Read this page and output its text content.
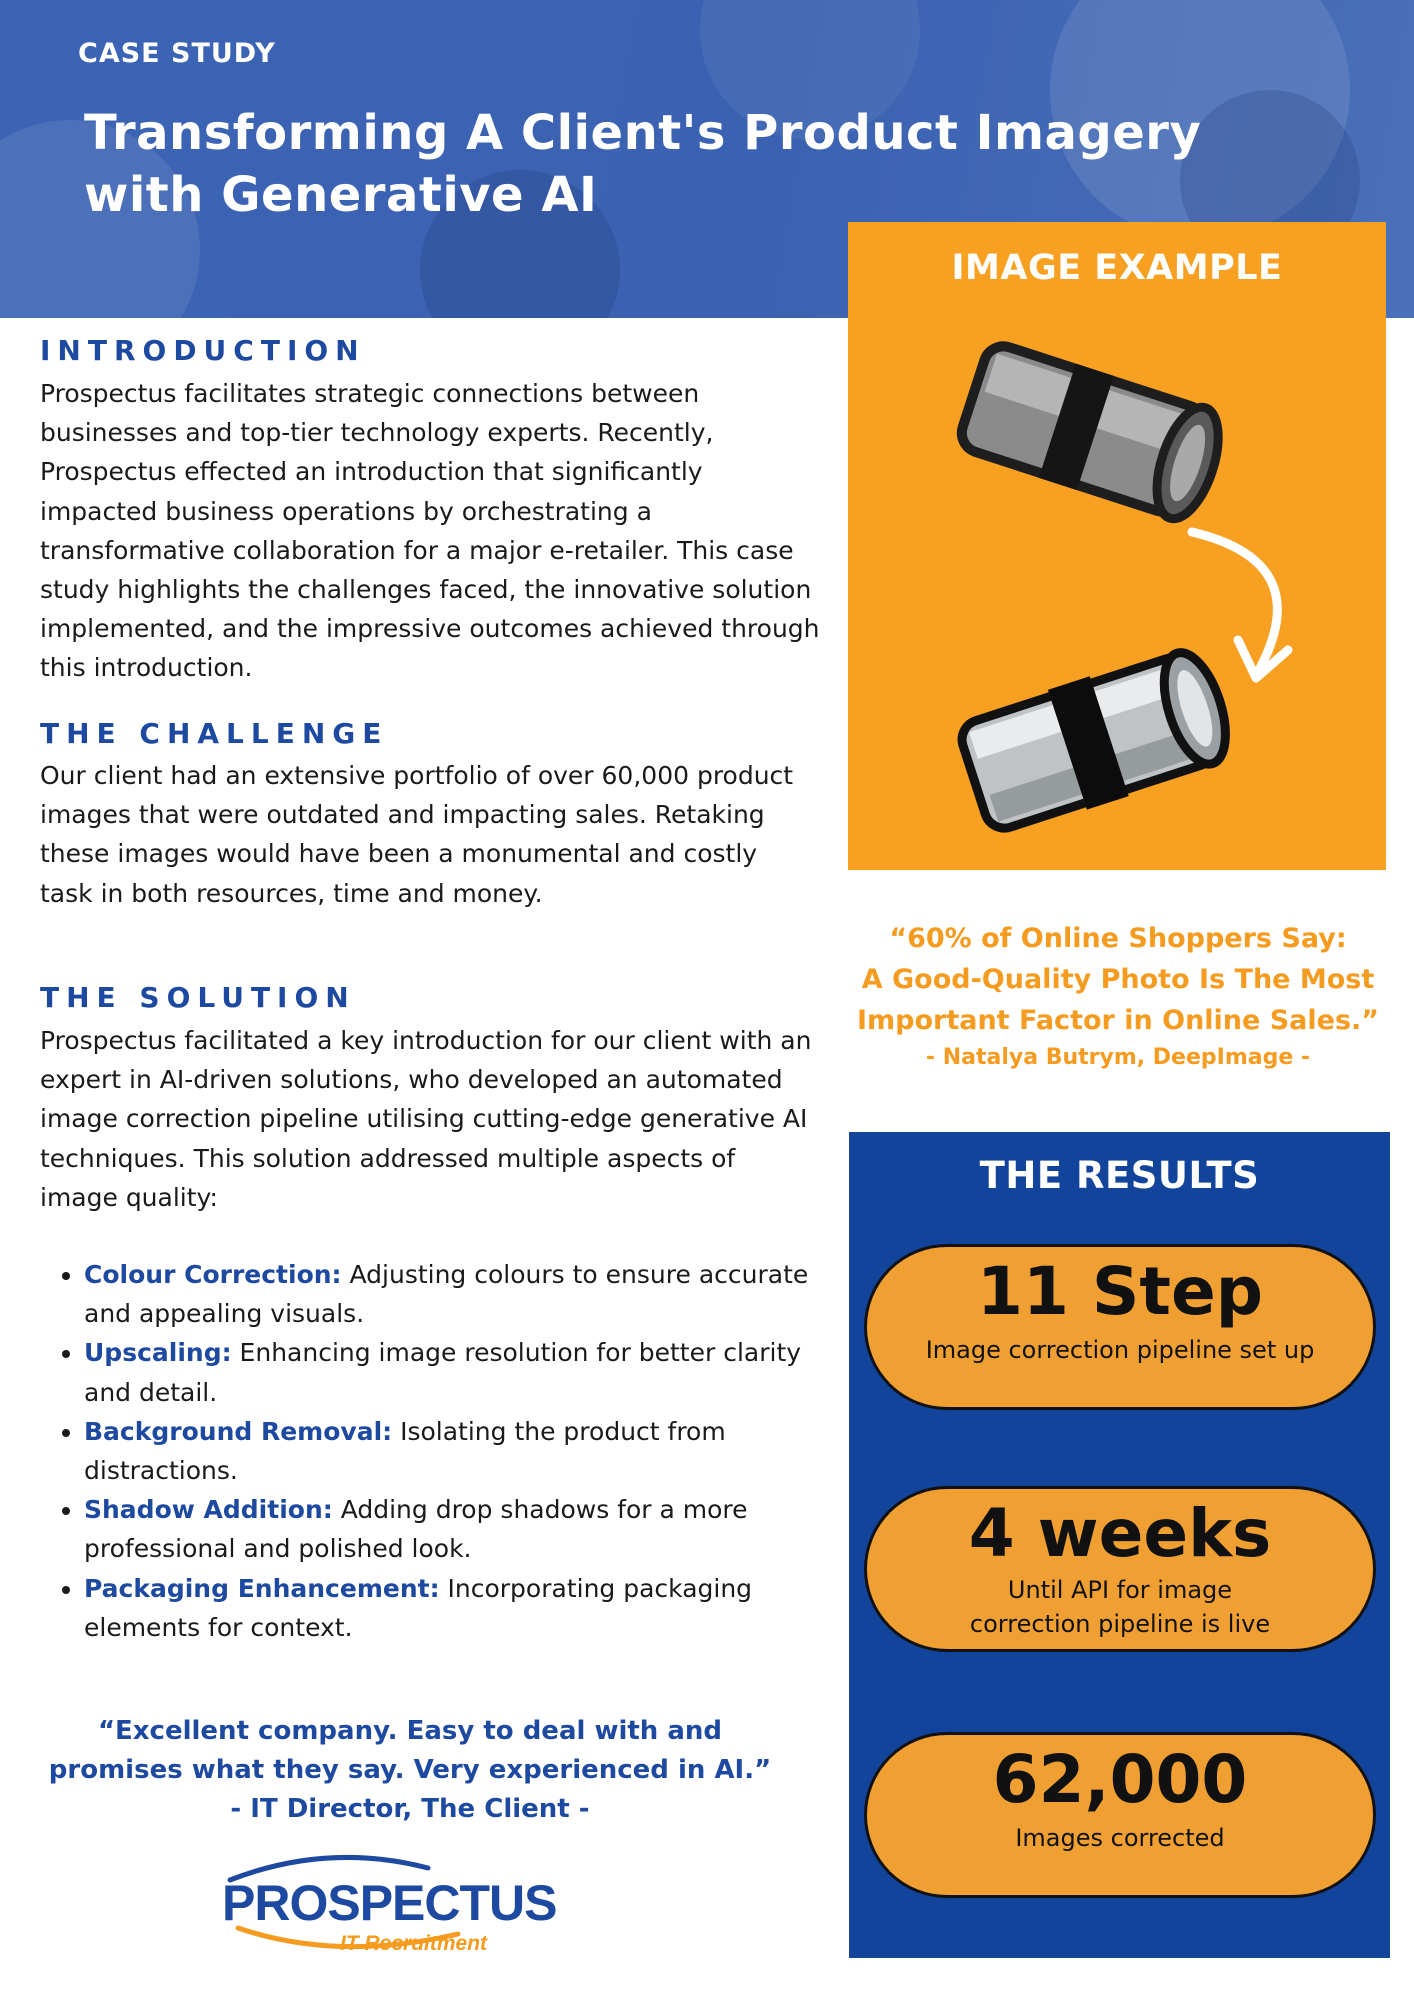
CASE STUDY
Transforming A Client's Product Imagery with Generative AI
INTRODUCTION
Prospectus facilitates strategic connections between businesses and top-tier technology experts. Recently, Prospectus effected an introduction that significantly impacted business operations by orchestrating a transformative collaboration for a major e-retailer. This case study highlights the challenges faced, the innovative solution implemented, and the impressive outcomes achieved through this introduction.
THE CHALLENGE
Our client had an extensive portfolio of over 60,000 product images that were outdated and impacting sales. Retaking these images would have been a monumental and costly task in both resources, time and money.
THE SOLUTION
Prospectus facilitated a key introduction for our client with an expert in AI-driven solutions, who developed an automated image correction pipeline utilising cutting-edge generative AI techniques. This solution addressed multiple aspects of image quality:
• Colour Correction: Adjusting colours to ensure accurate and appealing visuals.
• Upscaling: Enhancing image resolution for better clarity and detail.
• Background Removal: Isolating the product from distractions.
• Shadow Addition: Adding drop shadows for a more professional and polished look.
• Packaging Enhancement: Incorporating packaging elements for context.
“Excellent company. Easy to deal with and
promises what they say. Very experienced in AI.”
- IT Director, The Client -
PROSPECTUS
IT Recruitment
IMAGE EXAMPLE
“60% of Online Shoppers Say:
A Good-Quality Photo Is The Most
Important Factor in Online Sales.”
- Natalya Butrym, DeepImage -
THE RESULTS
11 Step
Image correction pipeline set up
4 weeks
Until API for image
correction pipeline is live
62,000
Images corrected
